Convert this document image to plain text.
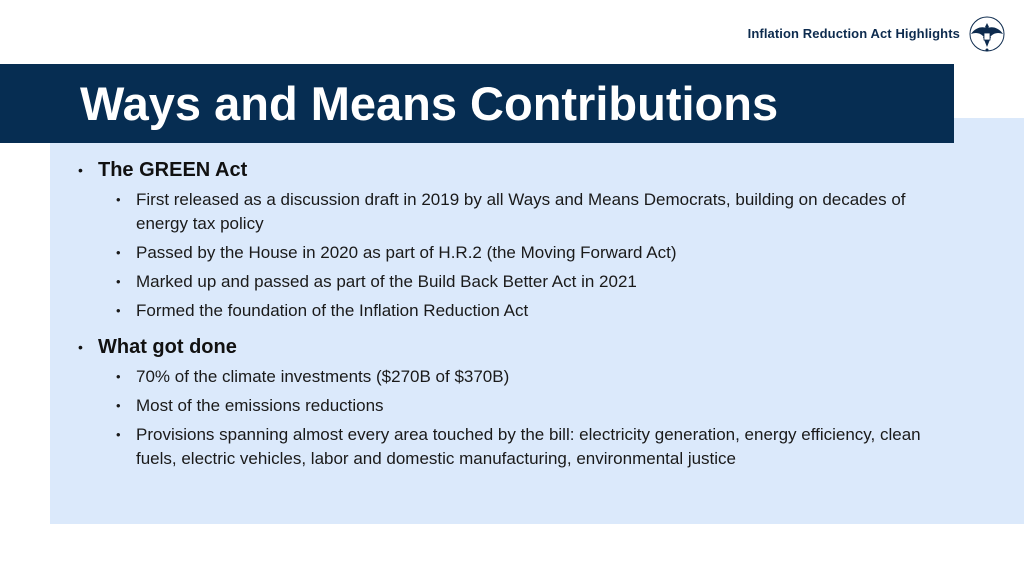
Inflation Reduction Act Highlights
Ways and Means Contributions
• The GREEN Act
• First released as a discussion draft in 2019 by all Ways and Means Democrats, building on decades of energy tax policy
• Passed by the House in 2020 as part of H.R.2 (the Moving Forward Act)
• Marked up and passed as part of the Build Back Better Act in 2021
• Formed the foundation of the Inflation Reduction Act
• What got done
• 70% of the climate investments ($270B of $370B)
• Most of the emissions reductions
• Provisions spanning almost every area touched by the bill: electricity generation, energy efficiency, clean fuels, electric vehicles, labor and domestic manufacturing, environmental justice
